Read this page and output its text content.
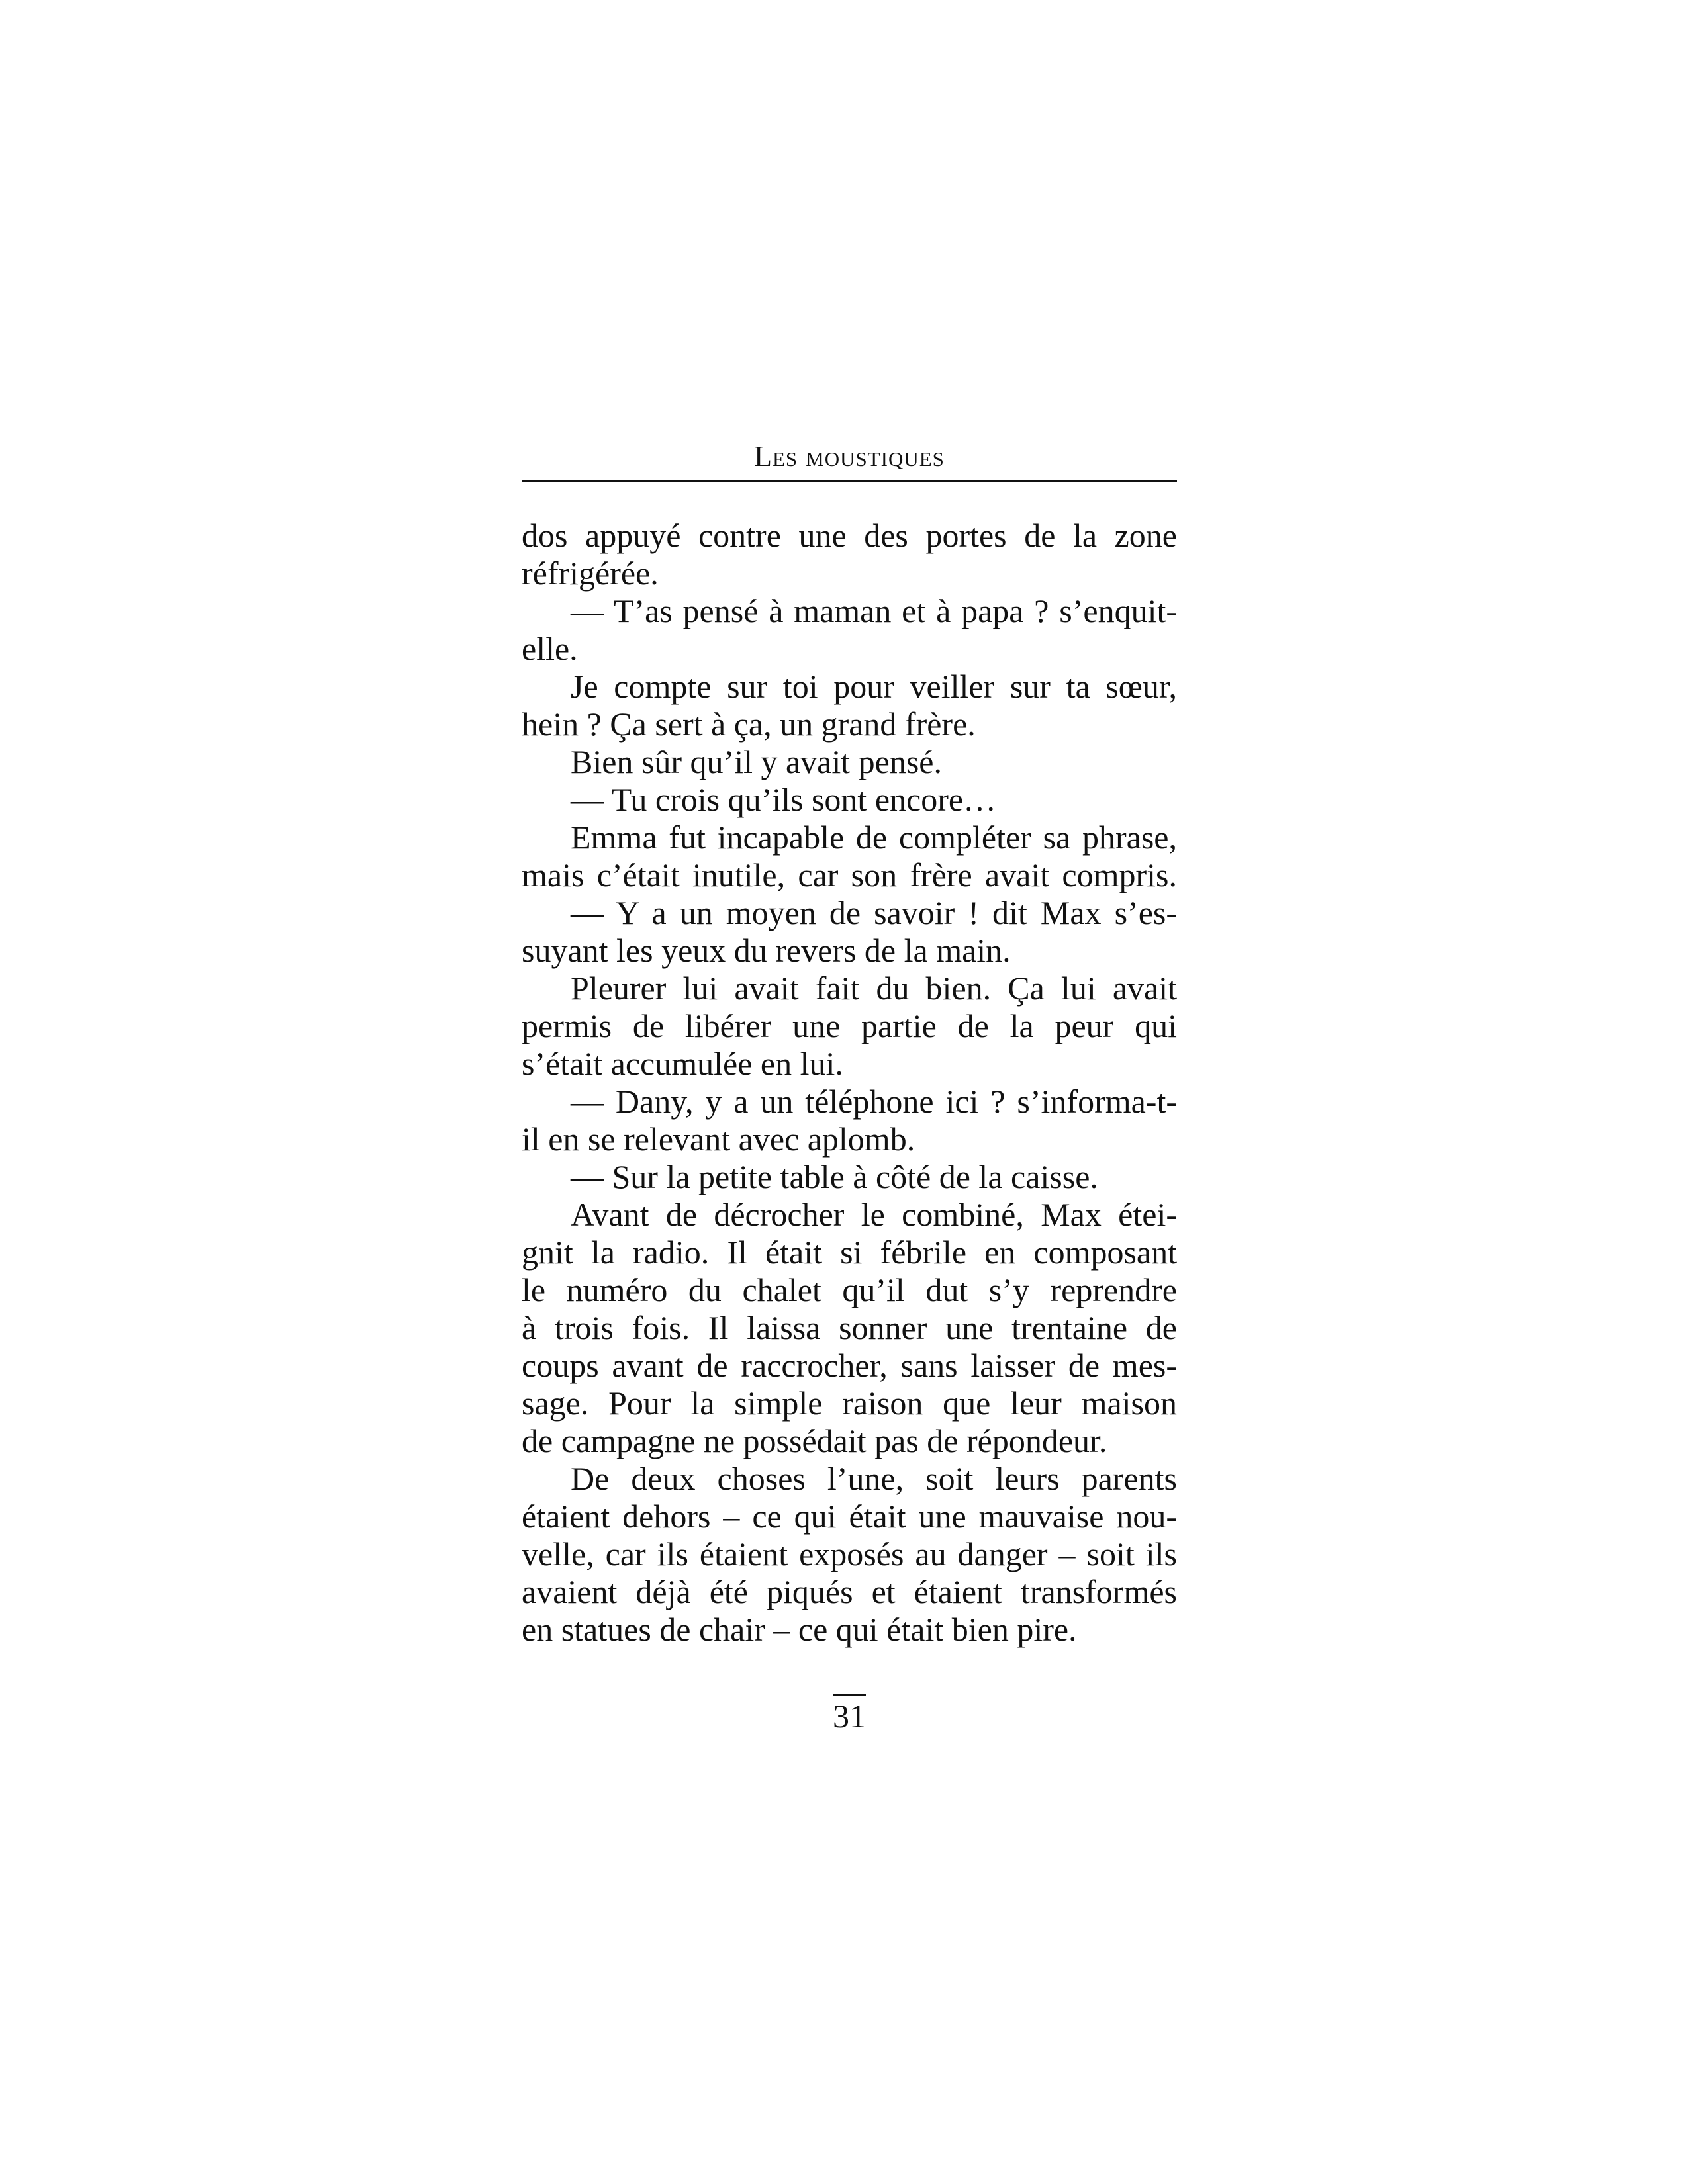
Les moustiques
dos appuyé contre une des portes de la zone
réfrigérée.
— T’as pensé à maman et à papa ? s’enquit-
elle.
Je compte sur toi pour veiller sur ta sœur,
hein ? Ça sert à ça, un grand frère.
Bien sûr qu’il y avait pensé.
— Tu crois qu’ils sont encore…
Emma fut incapable de compléter sa phrase,
mais c’était inutile, car son frère avait compris.
— Y a un moyen de savoir ! dit Max s’es-
suyant les yeux du revers de la main.
Pleurer lui avait fait du bien. Ça lui avait
permis de libérer une partie de la peur qui
s’était accumulée en lui.
— Dany, y a un téléphone ici ? s’informa-t-
il en se relevant avec aplomb.
— Sur la petite table à côté de la caisse.
Avant de décrocher le combiné, Max étei-
gnit la radio. Il était si fébrile en composant
le numéro du chalet qu’il dut s’y reprendre
à trois fois. Il laissa sonner une trentaine de
coups avant de raccrocher, sans laisser de mes-
sage. Pour la simple raison que leur maison
de campagne ne possédait pas de répondeur.
De deux choses l’une, soit leurs parents
étaient dehors – ce qui était une mauvaise nou-
velle, car ils étaient exposés au danger – soit ils
avaient déjà été piqués et étaient transformés
en statues de chair – ce qui était bien pire.
31
